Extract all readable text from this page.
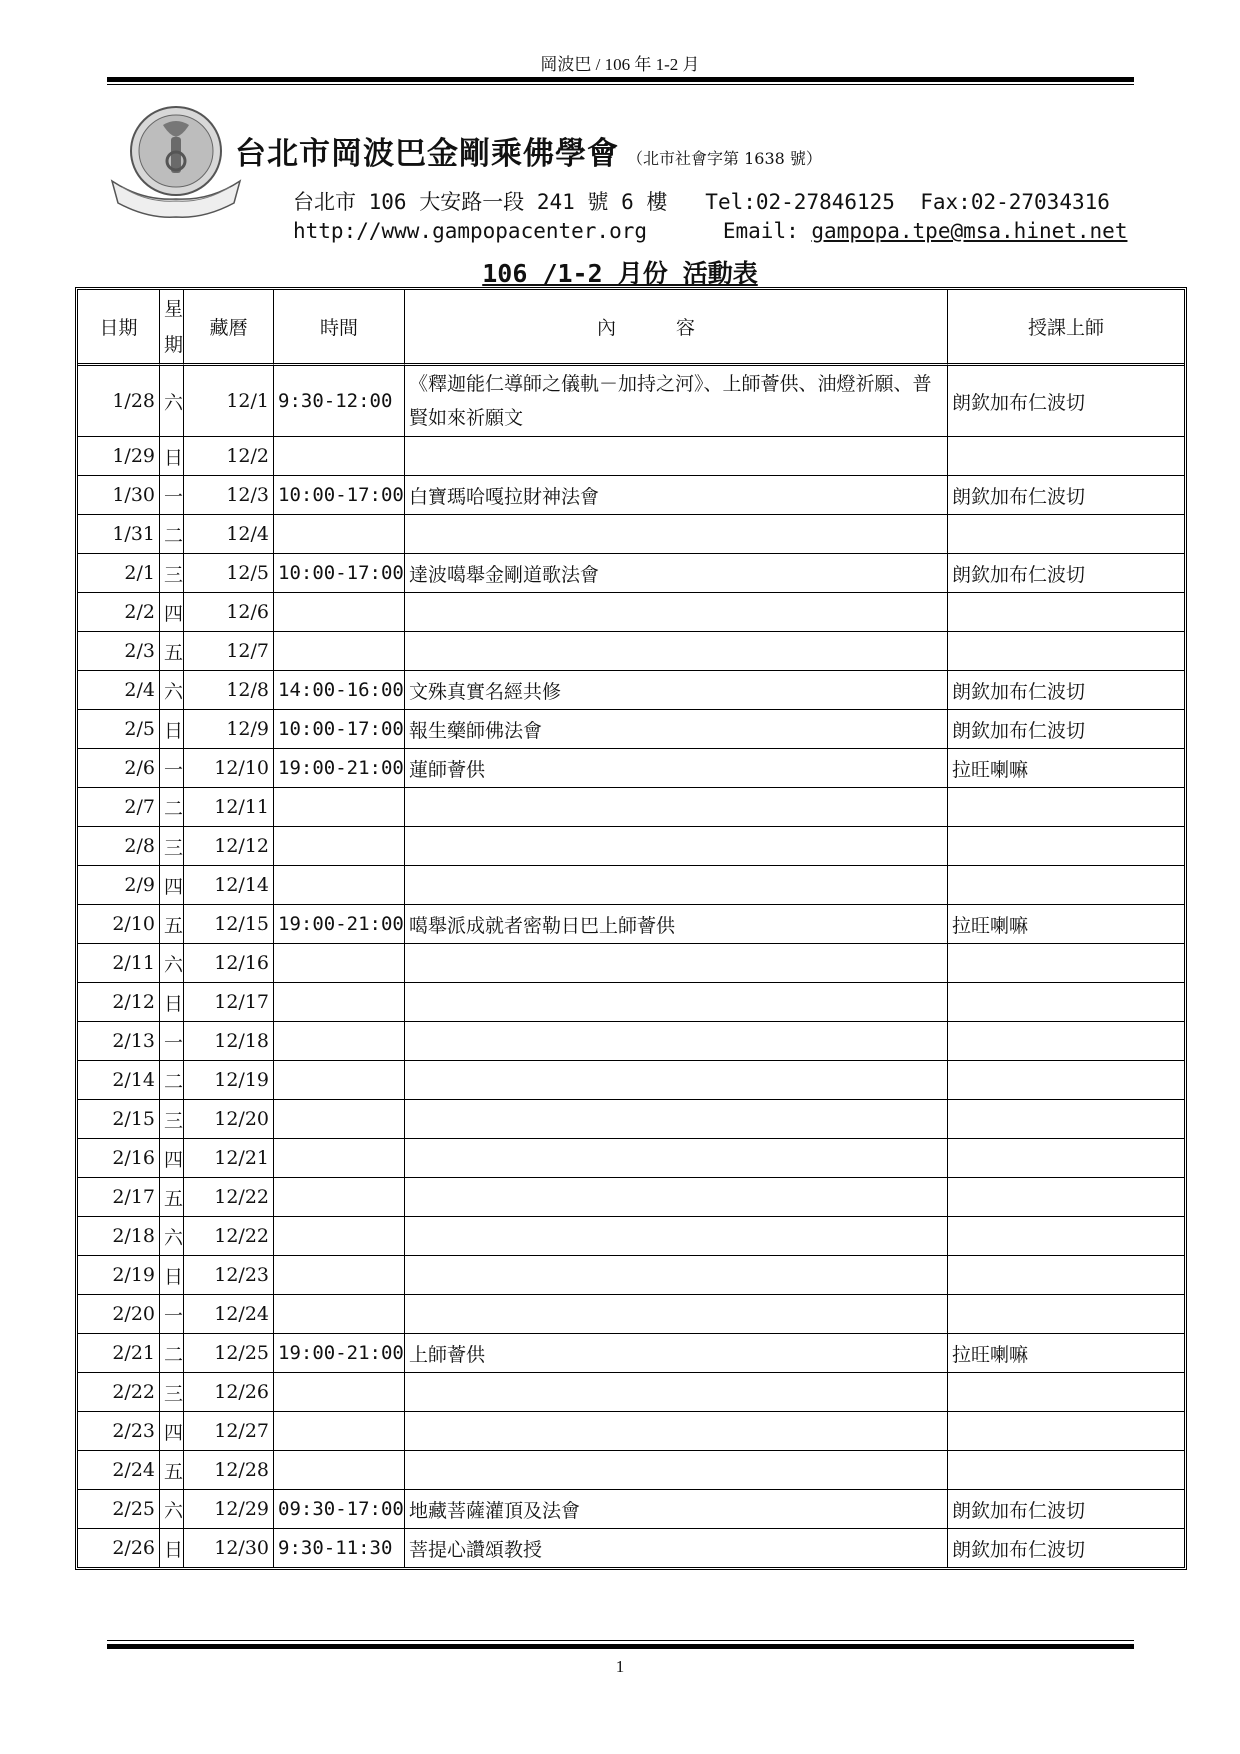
岡波巴 / 106 年 1-2 月
台北市岡波巴金剛乘佛學會 （北市社會字第 1638 號）
台北市 106 大安路一段 241 號 6 樓 Tel:02-27846125 Fax:02-27034316
http://www.gampopacenter.org	Email: gampopa.tpe@msa.hinet.net
106 /1-2 月份 活動表
日期	星期	藏曆	時間	內容	授課上師
1/28	六	12/1	9:30-12:00	《釋迦能仁導師之儀軌－加持之河》、上師薈供、油燈祈願、普賢如來祈願文	朗欽加布仁波切
1/29	日	12/2			
1/30	一	12/3	10:00-17:00	白寶瑪哈嘎拉財神法會	朗欽加布仁波切
1/31	二	12/4			
2/1	三	12/5	10:00-17:00	達波噶舉金剛道歌法會	朗欽加布仁波切
2/2	四	12/6			
2/3	五	12/7			
2/4	六	12/8	14:00-16:00	文殊真實名經共修	朗欽加布仁波切
2/5	日	12/9	10:00-17:00	報生藥師佛法會	朗欽加布仁波切
2/6	一	12/10	19:00-21:00	蓮師薈供	拉旺喇嘛
2/7	二	12/11			
2/8	三	12/12			
2/9	四	12/14			
2/10	五	12/15	19:00-21:00	噶舉派成就者密勒日巴上師薈供	拉旺喇嘛
2/11	六	12/16			
2/12	日	12/17			
2/13	一	12/18			
2/14	二	12/19			
2/15	三	12/20			
2/16	四	12/21			
2/17	五	12/22			
2/18	六	12/22			
2/19	日	12/23			
2/20	一	12/24			
2/21	二	12/25	19:00-21:00	上師薈供	拉旺喇嘛
2/22	三	12/26			
2/23	四	12/27			
2/24	五	12/28			
2/25	六	12/29	09:30-17:00	地藏菩薩灌頂及法會	朗欽加布仁波切
2/26	日	12/30	9:30-11:30	菩提心讚頌教授	朗欽加布仁波切
1
